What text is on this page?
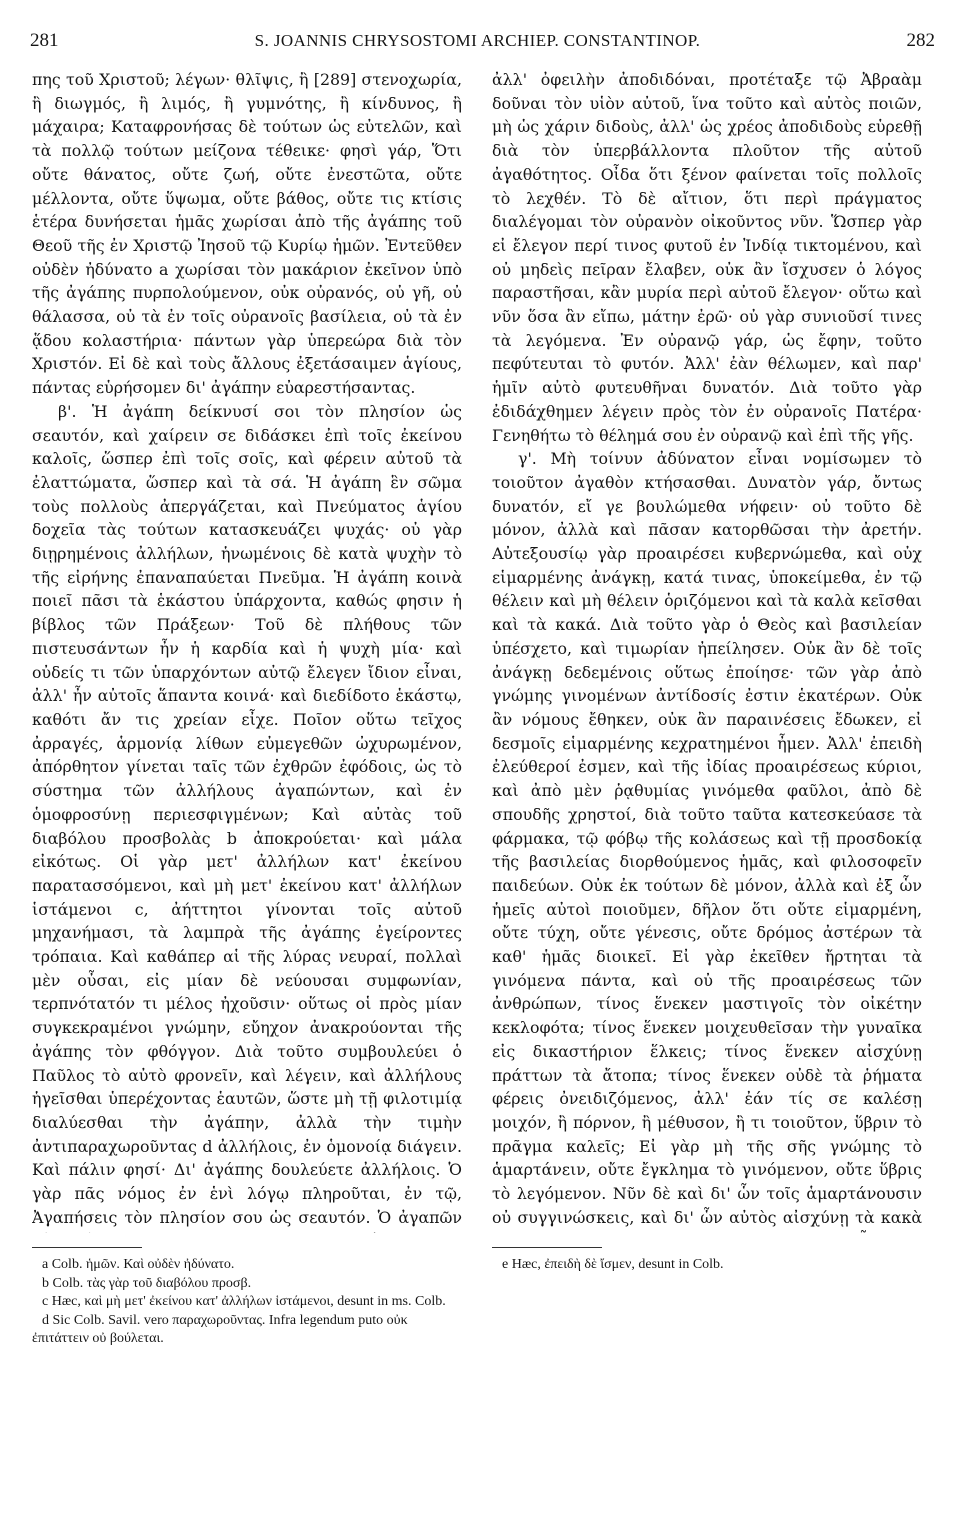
281	S. JOANNIS CHRYSOSTOMI ARCHIEP. CONSTANTINOP.	282

πης τοῦ Χριστοῦ; λέγων· θλῖψις, ἢ [289] στενοχωρία, ἢ διωγμός, ἢ λιμός, ἢ γυμνότης, ἢ κίνδυνος, ἢ μάχαιρα; Καταφρονήσας δὲ τούτων ὡς εὐτελῶν, καὶ τὰ πολλῷ τούτων μείζονα τέθεικε· φησὶ γάρ, Ὅτι οὔτε θάνατος, οὔτε ζωή, οὔτε ἐνεστῶτα, οὔτε μέλλοντα, οὔτε ὕψωμα, οὔτε βάθος, οὔτε τις κτίσις ἑτέρα δυνήσεται ἡμᾶς χωρίσαι ἀπὸ τῆς ἀγάπης τοῦ Θεοῦ τῆς ἐν Χριστῷ Ἰησοῦ τῷ Κυρίῳ ἡμῶν. Ἐντεῦθεν οὐδὲν ἠδύνατο a χωρίσαι τὸν μακάριον ἐκεῖνον ὑπὸ τῆς ἀγάπης πυρπολούμενον, οὐκ οὐρανός, οὐ γῆ, οὐ θάλασσα, οὐ τὰ ἐν τοῖς οὐρανοῖς βασίλεια, οὐ τὰ ἐν ᾅδου κολαστήρια· πάντων γὰρ ὑπερεώρα διὰ τὸν Χριστόν. Εἰ δὲ καὶ τοὺς ἄλλους ἐξετάσαιμεν ἁγίους, πάντας εὑρήσομεν δι' ἀγάπην εὐαρεστήσαντας.

β'. Ἡ ἀγάπη δείκνυσί σοι τὸν πλησίον ὡς σεαυτόν, καὶ χαίρειν σε διδάσκει ἐπὶ τοῖς ἐκείνου καλοῖς, ὥσπερ ἐπὶ τοῖς σοῖς, καὶ φέρειν αὐτοῦ τὰ ἐλαττώματα, ὥσπερ καὶ τὰ σά. Ἡ ἀγάπη ἓν σῶμα τοὺς πολλοὺς ἀπεργάζεται, καὶ Πνεύματος ἁγίου δοχεῖα τὰς τούτων κατασκευάζει ψυχάς· οὐ γὰρ διῃρημένοις ἀλλήλων, ἡνωμένοις δὲ κατὰ ψυχὴν τὸ τῆς εἰρήνης ἐπαναπαύεται Πνεῦμα. Ἡ ἀγάπη κοινὰ ποιεῖ πᾶσι τὰ ἑκάστου ὑπάρχοντα, καθώς φησιν ἡ βίβλος τῶν Πράξεων· Τοῦ δὲ πλήθους τῶν πιστευσάντων ἦν ἡ καρδία καὶ ἡ ψυχὴ μία· καὶ οὐδείς τι τῶν ὑπαρχόντων αὐτῷ ἔλεγεν ἴδιον εἶναι, ἀλλ' ἦν αὐτοῖς ἅπαντα κοινά· καὶ διεδίδοτο ἑκάστῳ, καθότι ἄν τις χρείαν εἶχε. Ποῖον οὕτω τεῖχος ἀρραγές, ἁρμονίᾳ λίθων εὐμεγεθῶν ὠχυρωμένον, ἀπόρθητον γίνεται ταῖς τῶν ἐχθρῶν ἐφόδοις, ὡς τὸ σύστημα τῶν ἀλλήλους ἀγαπώντων, καὶ ἐν ὁμοφροσύνῃ περιεσφιγμένων; Καὶ αὐτὰς τοῦ διαβόλου προσβολὰς b ἀποκρούεται· καὶ μάλα εἰκότως. Οἱ γὰρ μετ' ἀλλήλων κατ' ἐκείνου παρατασσόμενοι, καὶ μὴ μετ' ἐκείνου κατ' ἀλλήλων ἱστάμενοι c, ἀήττητοι γίνονται τοῖς αὐτοῦ μηχανήμασι, τὰ λαμπρὰ τῆς ἀγάπης ἐγείροντες τρόπαια. Καὶ καθάπερ αἱ τῆς λύρας νευραί, πολλαὶ μὲν οὖσαι, εἰς μίαν δὲ νεύουσαι συμφωνίαν, τερπνότατόν τι μέλος ἠχοῦσιν· οὕτως οἱ πρὸς μίαν συγκεκραμένοι γνώμην, εὔηχον ἀνακρούονται τῆς ἀγάπης τὸν φθόγγον. Διὰ τοῦτο συμβουλεύει ὁ Παῦλος τὸ αὐτὸ φρονεῖν, καὶ λέγειν, καὶ ἀλλήλους ἡγεῖσθαι ὑπερέχοντας ἑαυτῶν, ὥστε μὴ τῇ φιλοτιμίᾳ διαλύεσθαι τὴν ἀγάπην, ἀλλὰ τὴν τιμὴν ἀντιπαραχωροῦντας d ἀλλήλοις, ἐν ὁμονοίᾳ διάγειν. Καὶ πάλιν φησί· Δι' ἀγάπης δουλεύετε ἀλλήλοις. Ὁ γὰρ πᾶς νόμος ἐν ἑνὶ λόγῳ πληροῦται, ἐν τῷ, Ἀγαπήσεις τὸν πλησίον σου ὡς σεαυτόν. Ὁ ἀγαπῶν

ἀλλ' ὀφειλὴν ἀποδιδόναι, προτέταξε τῷ Ἀβραὰμ δοῦναι τὸν υἱὸν αὐτοῦ, ἵνα τοῦτο καὶ αὐτὸς ποιῶν, μὴ ὡς χάριν διδοὺς, ἀλλ' ὡς χρέος ἀποδιδοὺς εὑρεθῇ διὰ τὸν ὑπερβάλλοντα πλοῦτον τῆς αὐτοῦ ἀγαθότητος. Οἶδα ὅτι ξένον φαίνεται τοῖς πολλοῖς τὸ λεχθέν. Τὸ δὲ αἴτιον, ὅτι περὶ πράγματος διαλέγομαι τὸν οὐρανὸν οἰκοῦντος νῦν. Ὥσπερ γὰρ εἰ ἔλεγον περί τινος φυτοῦ ἐν Ἰνδίᾳ τικτομένου, καὶ οὐ μηδεὶς πεῖραν ἔλαβεν, οὐκ ἂν ἴσχυσεν ὁ λόγος παραστῆσαι, κἂν μυρία περὶ αὐτοῦ ἔλεγον· οὕτω καὶ νῦν ὅσα ἂν εἴπω, μάτην ἐρῶ· οὐ γὰρ συνιοῦσί τινες τὰ λεγόμενα. Ἐν οὐρανῷ γάρ, ὡς ἔφην, τοῦτο πεφύτευται τὸ φυτόν. Ἀλλ' ἐὰν θέλωμεν, καὶ παρ' ἡμῖν αὐτὸ φυτευθῆναι δυνατόν. Διὰ τοῦτο γὰρ ἐδιδάχθημεν λέγειν πρὸς τὸν ἐν οὐρανοῖς Πατέρα· Γενηθήτω τὸ θέλημά σου ἐν οὐρανῷ καὶ ἐπὶ τῆς γῆς.

γ'. Μὴ τοίνυν ἀδύνατον εἶναι νομίσωμεν τὸ τοιοῦτον ἀγαθὸν κτήσασθαι. Δυνατὸν γάρ, ὄντως δυνατόν, εἴ γε βουλώμεθα νήφειν· οὐ τοῦτο δὲ μόνον, ἀλλὰ καὶ πᾶσαν κατορθῶσαι τὴν ἀρετήν. Αὐτεξουσίῳ γὰρ προαιρέσει κυβερνώμεθα, καὶ οὐχ εἱμαρμένης ἀνάγκῃ, κατά τινας, ὑποκείμεθα, ἐν τῷ θέλειν καὶ μὴ θέλειν ὁριζόμενοι καὶ τὰ καλὰ κεῖσθαι καὶ τὰ κακά. Διὰ τοῦτο γὰρ ὁ Θεὸς καὶ βασιλείαν ὑπέσχετο, καὶ τιμωρίαν ἠπείλησεν. Οὐκ ἂν δὲ τοῖς ἀνάγκῃ δεδεμένοις οὕτως ἐποίησε· τῶν γὰρ ἀπὸ γνώμης γινομένων ἀντίδοσίς ἐστιν ἑκατέρων. Οὐκ ἂν νόμους ἔθηκεν, οὐκ ἂν παραινέσεις ἔδωκεν, εἰ δεσμοῖς εἱμαρμένης κεχρατημένοι ἦμεν. Ἀλλ' ἐπειδὴ ἐλεύθεροί ἐσμεν, καὶ τῆς ἰδίας προαιρέσεως κύριοι, καὶ ἀπὸ μὲν ῥᾳθυμίας γινόμεθα φαῦλοι, ἀπὸ δὲ σπουδῆς χρηστοί, διὰ τοῦτο ταῦτα κατεσκεύασε τὰ φάρμακα, τῷ φόβῳ τῆς κολάσεως καὶ τῇ προσδοκίᾳ τῆς βασιλείας διορθούμενος ἡμᾶς, καὶ φιλοσοφεῖν παιδεύων. Οὐκ ἐκ τούτων δὲ μόνον, ἀλλὰ καὶ ἐξ ὧν ἡμεῖς αὐτοὶ ποιοῦμεν, δῆλον ὅτι οὔτε εἱμαρμένη, οὔτε τύχη, οὔτε γένεσις, οὔτε δρόμος ἀστέρων τὰ καθ' ἡμᾶς διοικεῖ. Εἰ γὰρ ἐκεῖθεν ἤρτηται τὰ γινόμενα πάντα, καὶ οὐ τῆς προαιρέσεως τῶν ἀνθρώπων, τίνος ἕνεκεν μαστιγοῖς τὸν οἰκέτην κεκλοφότα; τίνος ἕνεκεν μοιχευθεῖσαν τὴν γυναῖκα εἰς δικαστήριον ἕλκεις; τίνος ἕνεκεν αἰσχύνῃ πράττων τὰ ἄτοπα; τίνος ἕνεκεν οὐδὲ τὰ ῥήματα φέρεις ὀνειδιζόμενος, ἀλλ' ἐάν τίς σε καλέσῃ μοιχόν, ἢ πόρνον, ἢ μέθυσον, ἢ τι τοιοῦτον, ὕβριν τὸ πρᾶγμα καλεῖς; Εἰ γὰρ μὴ τῆς σῆς γνώμης τὸ ἁμαρτάνειν, οὔτε ἔγκλημα τὸ γινόμενον, οὔτε ὕβρις τὸ λεγόμενον. Νῦν δὲ καὶ δι' ὧν τοῖς ἁμαρτάνουσιν οὐ συγγινώσκεις, καὶ δι' ὧν αὐτὸς αἰσχύνῃ τὰ κακὰ

a Colb. ἡμῶν. Καὶ οὐδὲν ἠδύνατο.
b Colb. τὰς γὰρ τοῦ διαβόλου προσβ.
c Hæc, καὶ μὴ μετ' ἐκείνου κατ' ἀλλήλων ἱστάμενοι, desunt in ms. Colb.
d Sic Colb. Savil. vero παραχωροῦντας. Infra legendum puto οὐκ ἐπιτάττειν οὐ βούλεται.
e Hæc, ἐπειδὴ δὲ ἴσμεν, desunt in Colb.
